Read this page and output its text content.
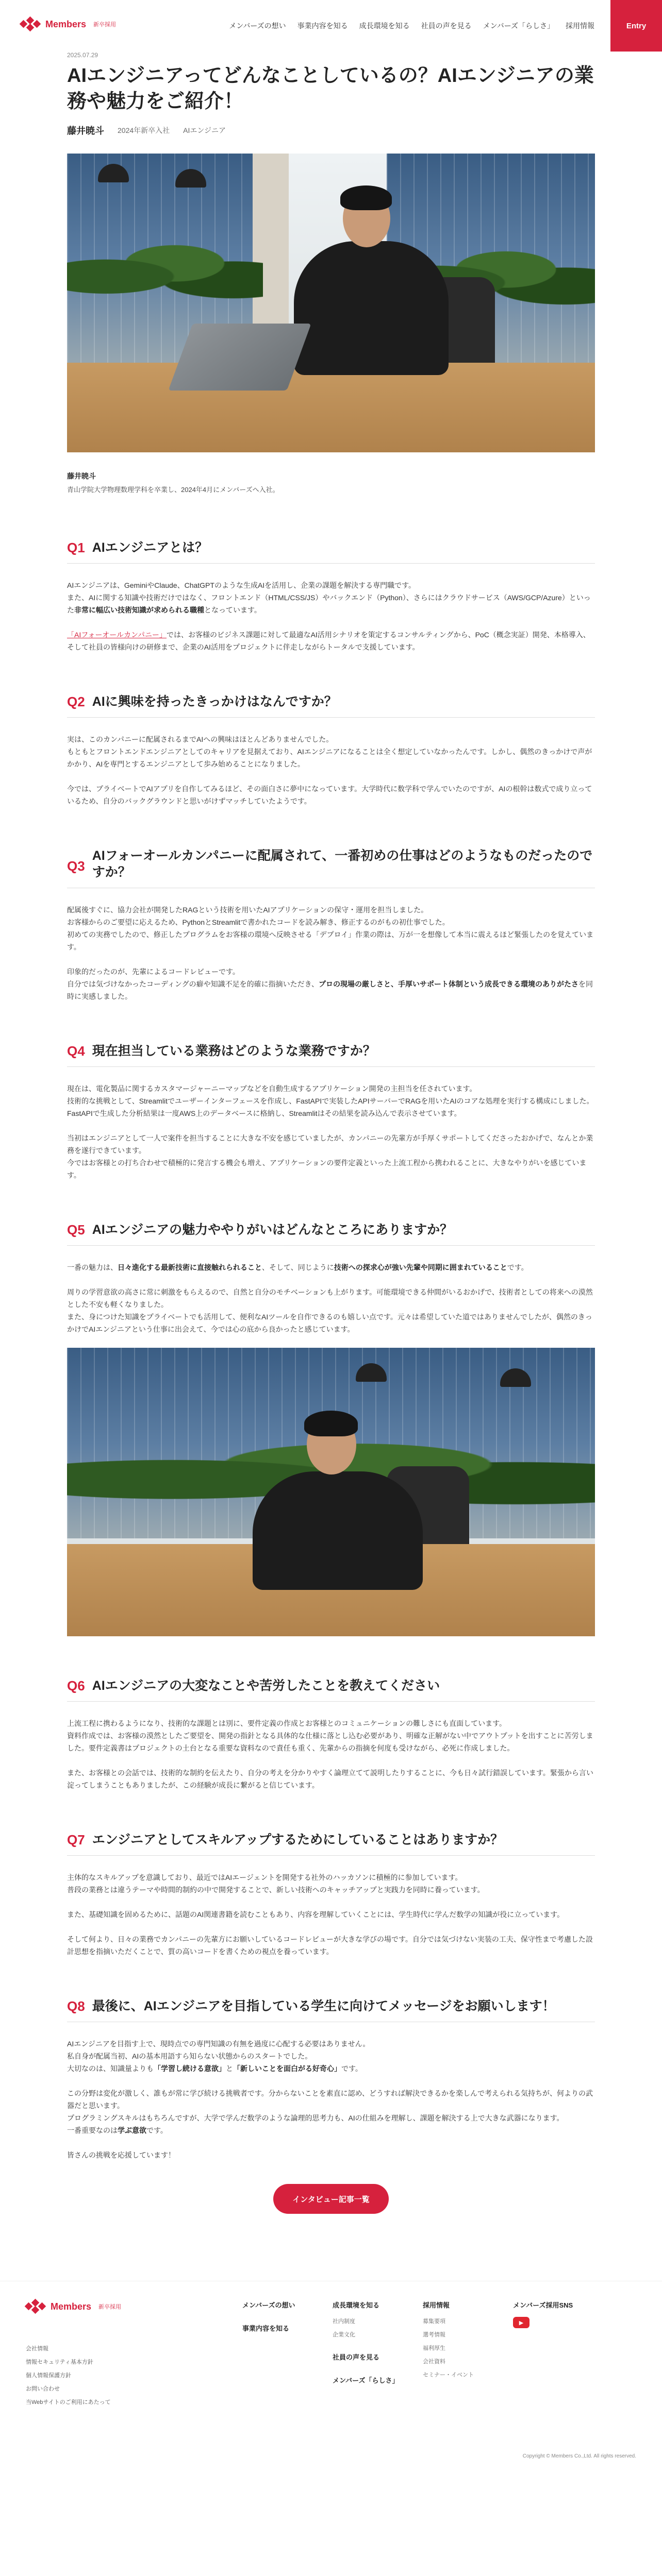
Members 新卒採用	メンバーズの想い	事業内容を知る	成長環境を知る	社員の声を見る	メンバーズ「らしさ」	採用情報	Entry
2025.07.29
AIエンジニアってどんなことしているの？AIエンジニアの業務や魅力をご紹介！
藤井暁斗 2024年新卒入社 AIエンジニア
藤井暁斗
青山学院大学物理数理学科を卒業し、2024年4月にメンバーズへ入社。
Q1 AIエンジニアとは？

AIエンジニアは、GeminiやClaude、ChatGPTのような生成AIを活用し、企業の課題を解決する専門職です。
また、AIに関する知識や技術だけではなく、フロントエンド（HTML/CSS/JS）やバックエンド（Python）、さらにはクラウドサービス（AWS/GCP/Azure）といった非常に幅広い技術知識が求められる職種となっています。

「AIフォーオールカンパニー」では、お客様のビジネス課題に対して最適なAI活用シナリオを策定するコンサルティングから、PoC（概念実証）開発、本格導入、そして社員の皆様向けの研修まで、企業のAI活用をプロジェクトに伴走しながらトータルで支援しています。

Q2 AIに興味を持ったきっかけはなんですか？

実は、このカンパニーに配属されるまでAIへの興味はほとんどありませんでした。
もともとフロントエンドエンジニアとしてのキャリアを見据えており、AIエンジニアになることは全く想定していなかったんです。しかし、偶然のきっかけで声がかかり、AIを専門とするエンジニアとして歩み始めることになりました。

今では、プライベートでAIアプリを自作してみるほど、その面白さに夢中になっています。大学時代に数学科で学んでいたのですが、AIの根幹は数式で成り立っているため、自分のバックグラウンドと思いがけずマッチしていたようです。

Q3
AIフォーオールカンパニーに配属されて、一番初めの仕事はどのようなものだったのですか？

配属後すぐに、協力会社が開発したRAGという技術を用いたAIアプリケーションの保守・運用を担当しました。
お客様からのご要望に応えるため、PythonとStreamlitで書かれたコードを読み解き、修正するのがもの初仕事でした。
初めての実務でしたので、修正したプログラムをお客様の環境へ反映させる「デプロイ」作業の際は、万が一を想像して本当に震えるほど緊張したのを覚えています。

印象的だったのが、先輩によるコードレビューです。
自分では気づけなかったコーディングの癖や知識不足を的確に指摘いただき、プロの現場の厳しさと、手厚いサポート体制という成長できる環境のありがたさを同時に実感しました。

Q4 現在担当している業務はどのような業務ですか？

現在は、電化製品に関するカスタマージャーニーマップなどを自動生成するアプリケーション開発の主担当を任されています。
技術的な挑戦として、Streamlitでユーザーインターフェースを作成し、FastAPIで実装したAPIサーバーでRAGを用いたAIのコアな処理を実行する構成にしました。
FastAPIで生成した分析結果は一度AWS上のデータベースに格納し、Streamlitはその結果を読み込んで表示させています。

当初はエンジニアとして一人で案件を担当することに大きな不安を感じていましたが、カンパニーの先輩方が手厚くサポートしてくださったおかげで、なんとか業務を遂行できています。
今ではお客様との打ち合わせで積極的に発言する機会も増え、アプリケーションの要件定義といった上流工程から携われることに、大きなやりがいを感じています。

Q5 AIエンジニアの魅力ややりがいはどんなところにありますか？

一番の魅力は、日々進化する最新技術に直接触れられること、そして、同じように技術への探求心が強い先輩や同期に囲まれていることです。

周りの学習意欲の高さに常に刺激をもらえるので、自然と自分のモチベーションも上がります。可能環境できる仲間がいるおかげで、技術者としての将来への漠然とした不安も軽くなりました。
また、身につけた知識をプライベートでも活用して、便利なAIツールを自作できるのも嬉しい点です。元々は希望していた道ではありませんでしたが、偶然のきっかけでAIエンジニアという仕事に出会えて、今では心の底から良かったと感じています。

Q6 AIエンジニアの大変なことや苦労したことを教えてください

上流工程に携わるようになり、技術的な課題とは別に、要件定義の作成とお客様とのコミュニケーションの難しさにも直面しています。
資料作成では、お客様の漠然としたご要望を、開発の指針となる具体的な仕様に落とし込む必要があり、明確な正解がない中でアウトプットを出すことに苦労しました。要件定義書はプロジェクトの土台となる重要な資料なので責任も重く、先輩からの指摘を何度も受けながら、必死に作成しました。

また、お客様との会話では、技術的な制約を伝えたり、自分の考えを分かりやすく論理立てて説明したりすることに、今も日々試行錯誤しています。緊張から言い淀ってしまうこともありましたが、この経験が成長に繋がると信じています。

Q7 エンジニアとしてスキルアップするためにしていることはありますか？

主体的なスキルアップを意識しており、最近ではAIエージェントを開発する社外のハッカソンに積極的に参加しています。
普段の業務とは違うテーマや時間的制約の中で開発することで、新しい技術へのキャッチアップと実践力を同時に養っています。

また、基礎知識を固めるために、話題のAI関連書籍を読むこともあり、内容を理解していくことには、学生時代に学んだ数学の知識が役に立っています。

そして何より、日々の業務でカンパニーの先輩方にお願いしているコードレビューが大きな学びの場です。自分では気づけない実装の工夫、保守性まで考慮した設計思想を指摘いただくことで、質の高いコードを書くための視点を養っています。

Q8 最後に、AIエンジニアを目指している学生に向けてメッセージをお願いします！

AIエンジニアを目指す上で、現時点での専門知識の有無を過度に心配する必要はありません。
私自身が配属当初、AIの基本用語すら知らない状態からのスタートでした。
大切なのは、知識量よりも「学習し続ける意欲」と「新しいことを面白がる好奇心」です。

この分野は変化が激しく、誰もが常に学び続ける挑戦者です。分からないことを素直に認め、どうすれば解決できるかを楽しんで考えられる気持ちが、何よりの武器だと思います。
プログラミングスキルはもちろんですが、大学で学んだ数学のような論理的思考力も、AIの仕組みを理解し、課題を解決する上で大きな武器になります。
一番重要なのは学ぶ意欲です。

皆さんの挑戦を応援しています！

インタビュー記事一覧
Members 新卒採用
会社情報
情報セキュリティ基本方針
個人情報保護方針
お問い合わせ
当Webサイトのご利用にあたって
メンバーズの想い
事業内容を知る
成長環境を知る
社内制度
企業文化
社員の声を見る
メンバーズ「らしさ」
採用情報
募集要項
選考情報
福利厚生
会社資料
セミナー・イベント
メンバーズ採用SNS
▶
Copyright © Members Co.,Ltd. All rights reserved.
